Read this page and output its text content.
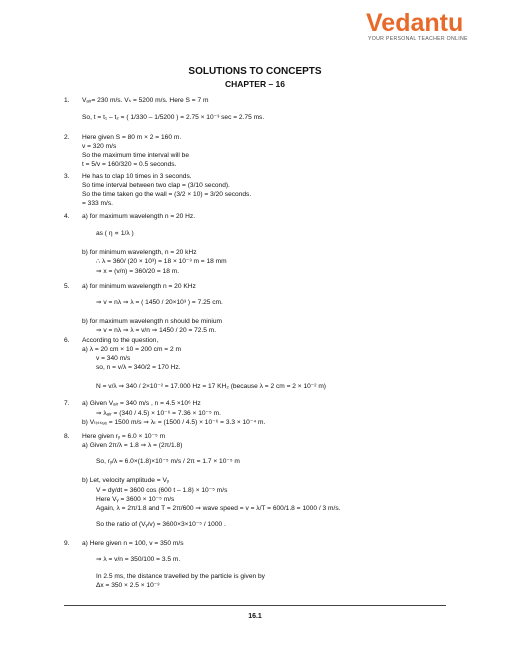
Vedantu
YOUR PERSONAL TEACHER ONLINE
SOLUTIONS TO CONCEPTS
CHAPTER – 16
1.
2.
3.
4.
5.
6.
7.
8.
9.
Vₐᵢᵣ= 230 m/s. Vₛ = 5200 m/s. Here S = 7 m
So, t = t₁ – t₂ = ( 1/330 – 1/5200 ) = 2.75 × 10⁻³ sec = 2.75 ms.
Here given S = 80 m × 2 = 160 m.
v = 320 m/s
So the maximum time interval will be
t = 5/v = 160/320 = 0.5 seconds.
He has to clap 10 times in 3 seconds.
So time interval between two clap = (3/10 second).
So the time taken go the wall = (3/2 × 10) = 3/20 seconds.
= 333 m/s.
a) for maximum wavelength n = 20 Hz.
as ( η ∝ 1/λ )
b) for minimum wavelength, n = 20 kHz
∴ λ = 360/ (20 × 10³) = 18 × 10⁻³ m = 18 mm
⇒ x = (v/n) = 360/20 = 18 m.
a) for minimum wavelength n = 20 KHz
⇒ v = nλ ⇒ λ = ( 1450 / 20×10³ ) = 7.25 cm.
b) for maximum wavelength n should be minium
⇒ v = nλ ⇒ λ = v/n ⇒ 1450 / 20 = 72.5 m.
According to the question,
a) λ = 20 cm × 10 = 200 cm = 2 m
v = 340 m/s
so, n = v/λ = 340/2 = 170 Hz.
N = v/λ ⇒ 340 / 2×10⁻² = 17.000 Hz = 17 KH₂ (because λ = 2 cm = 2 × 10⁻² m)
a) Given Vₐᵢᵣ = 340 m/s , n = 4.5 ×10⁶ Hz
⇒ λₐᵢᵣ = (340 / 4.5) × 10⁻⁶ = 7.36 × 10⁻⁵ m.
b) Vₜᵢₛₛᵤₑ = 1500 m/s ⇒ λₜ = (1500 / 4.5) × 10⁻⁶ = 3.3 × 10⁻⁴ m.
Here given rᵧ = 6.0 × 10⁻⁵ m
a) Given 2π/λ = 1.8 ⇒ λ = (2π/1.8)
So, rᵧ/λ = 6.0×(1.8)×10⁻⁵ m/s / 2π = 1.7 × 10⁻⁵ m
b) Let, velocity amplitude = Vᵧ
V = dy/dt = 3600 cos (600 t – 1.8) × 10⁻⁵ m/s
Here Vᵧ = 3600 × 10⁻⁵ m/s
Again, λ = 2π/1.8 and T = 2π/600 ⇒ wave speed = v = λ/T = 600/1.8 = 1000 / 3 m/s.
So the ratio of (Vᵧ/v) = 3600×3×10⁻⁵ / 1000 .
a) Here given n = 100, v = 350 m/s
⇒ λ = v/n = 350/100 = 3.5 m.
In 2.5 ms, the distance travelled by the particle is given by
Δx = 350 × 2.5 × 10⁻³
16.1
